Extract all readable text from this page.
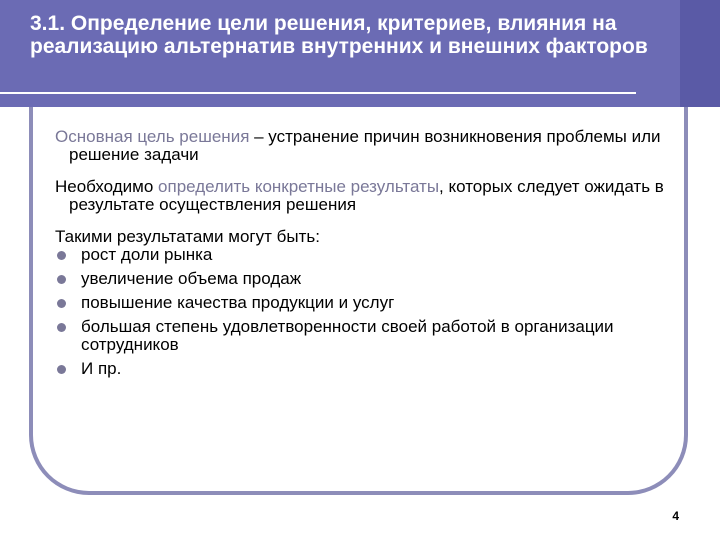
3.1. Определение цели решения, критериев, влияния на реализацию альтернатив внутренних и внешних факторов

Основная цель решения – устранение причин возникновения проблемы или решение задачи

Необходимо определить конкретные результаты, которых следует ожидать в результате осуществления решения

Такими результатами могут быть:

рост доли рынка
увеличение объема продаж
повышение качества продукции и услуг
большая степень удовлетворенности своей работой в организации сотрудников
И пр.
4
